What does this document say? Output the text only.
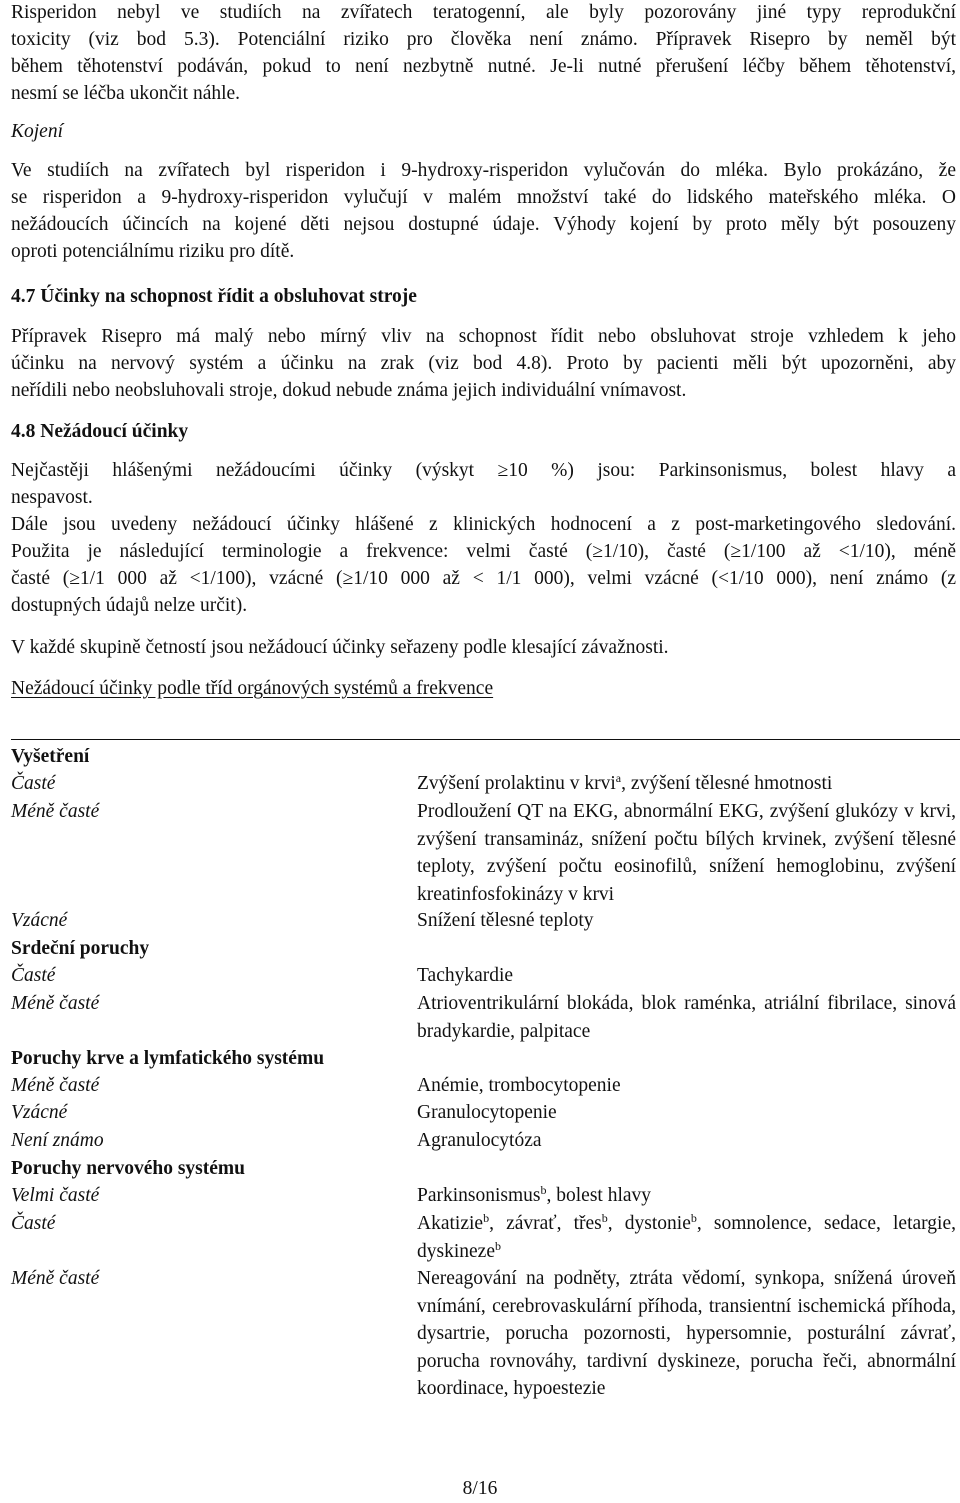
Risperidon nebyl ve studiích na zvířatech teratogenní, ale byly pozorovány jiné typy reprodukční
toxicity (viz bod 5.3). Potenciální riziko pro člověka není známo. Přípravek Risepro by neměl být
během těhotenství podáván, pokud to není nezbytně nutné. Je-li nutné přerušení léčby během těhotenství,
nesmí se léčba ukončit náhle.
Kojení
Ve studiích na zvířatech byl risperidon i 9-hydroxy-risperidon vylučován do mléka. Bylo prokázáno, že
se risperidon a 9-hydroxy-risperidon vylučují v malém množství také do lidského mateřského mléka. O
nežádoucích účincích na kojené děti nejsou dostupné údaje. Výhody kojení by proto měly být posouzeny
oproti potenciálnímu riziku pro dítě.
4.7 Účinky na schopnost řídit a obsluhovat stroje
Přípravek Risepro má malý nebo mírný vliv na schopnost řídit nebo obsluhovat stroje vzhledem k jeho
účinku na nervový systém a účinku na zrak (viz bod 4.8). Proto by pacienti měli být upozorněni, aby
neřídili nebo neobsluhovali stroje, dokud nebude známa jejich individuální vnímavost.
4.8 Nežádoucí účinky
Nejčastěji hlášenými nežádoucími účinky (výskyt ≥10 %) jsou: Parkinsonismus, bolest hlavy a
nespavost.
Dále jsou uvedeny nežádoucí účinky hlášené z klinických hodnocení a z post-marketingového sledování.
Použita je následující terminologie a frekvence: velmi časté (≥1/10), časté (≥1/100 až <1/10), méně
časté (≥1/1 000 až <1/100), vzácné (≥1/10 000 až < 1/1 000), velmi vzácné (<1/10 000), není známo (z
dostupných údajů nelze určit).
V každé skupině četností jsou nežádoucí účinky seřazeny podle klesající závažnosti.
Nežádoucí účinky podle tříd orgánových systémů a frekvence
Vyšetření
Časté	Zvýšení prolaktinu v krvi$^a$, zvýšení tělesné hmotnosti
Méně časté	Prodloužení QT na EKG, abnormální EKG, zvýšení glukózy v krvi, zvýšení transamináz, snížení počtu bílých krvinek, zvýšení tělesné teploty, zvýšení počtu eosinofilů, snížení hemoglobinu, zvýšení kreatinfosfokinázy v krvi
Vzácné	Snížení tělesné teploty
Srdeční poruchy
Časté	Tachykardie
Méně časté	Atrioventrikulární blokáda, blok raménka, atriální fibrilace, sinová bradykardie, palpitace
Poruchy krve a lymfatického systému
Méně časté	Anémie, trombocytopenie
Vzácné	Granulocytopenie
Není známo	Agranulocytóza
Poruchy nervového systému
Velmi časté	Parkinsonismus$^b$, bolest hlavy
Časté	Akatizie$^b$, závrať, třes$^b$, dystonie$^b$, somnolence, sedace, letargie, dyskineze$^b$
Méně časté	Nereagování na podněty, ztráta vědomí, synkopa, snížená úroveň vnímání, cerebrovaskulární příhoda, transientní ischemická příhoda, dysartrie, porucha pozornosti, hypersomnie, posturální závrať, porucha rovnováhy, tardivní dyskineze, porucha řeči, abnormální koordinace, hypoestezie
8/16
